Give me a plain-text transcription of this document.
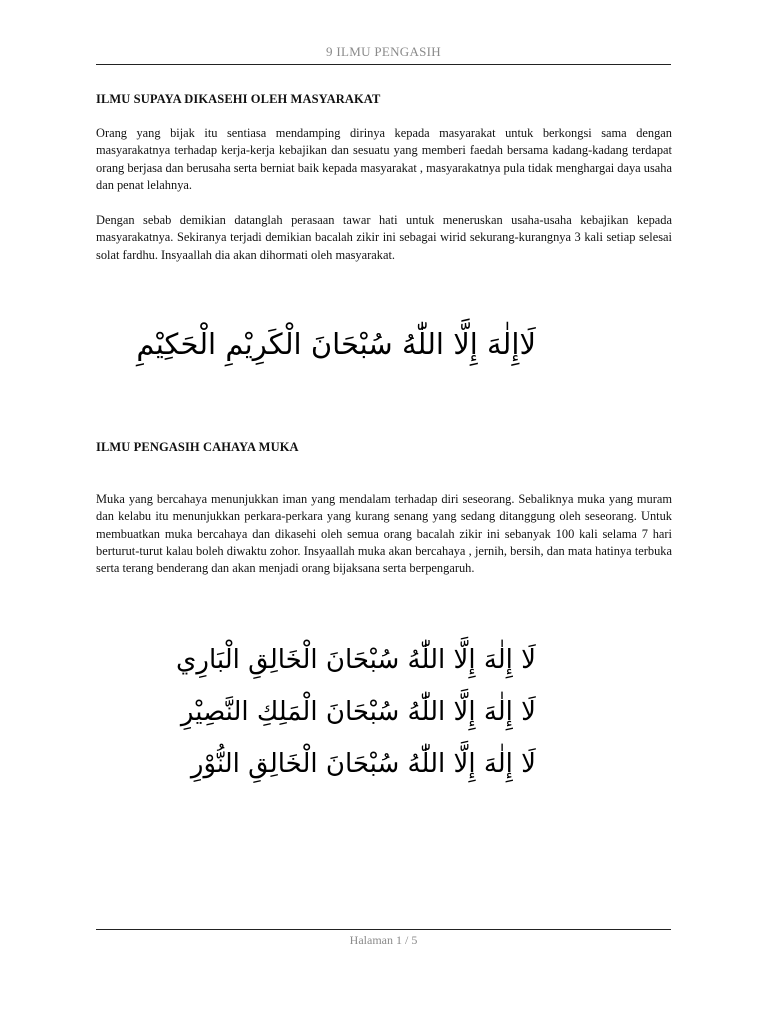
9 ILMU PENGASIH
ILMU SUPAYA DIKASEHI OLEH MASYARAKAT

Orang yang bijak itu sentiasa mendamping dirinya kepada masyarakat untuk berkongsi sama dengan masyarakatnya terhadap kerja-kerja kebajikan dan sesuatu yang memberi faedah bersama kadang-kadang terdapat orang berjasa dan berusaha serta berniat baik kepada masyarakat , masyarakatnya pula tidak menghargai daya usaha dan penat lelahnya.

Dengan sebab demikian datanglah perasaan tawar hati untuk meneruskan usaha-usaha kebajikan kepada masyarakatnya. Sekiranya terjadi demikian bacalah zikir ini sebagai wirid sekurang-kurangnya 3 kali setiap selesai solat fardhu. Insyaallah dia akan dihormati oleh masyarakat.

لَاإِلٰهَ إِلَّا اللّٰهُ سُبْحَانَ الْكَرِيْمِ الْحَكِيْمِ
ILMU PENGASIH CAHAYA MUKA

Muka yang bercahaya menunjukkan iman yang mendalam terhadap diri seseorang. Sebaliknya muka yang muram dan kelabu itu menunjukkan perkara-perkara yang kurang senang yang sedang ditanggung oleh seseorang. Untuk membuatkan muka bercahaya dan dikasehi oleh semua orang bacalah zikir ini sebanyak 100 kali selama 7 hari berturut-turut kalau boleh diwaktu zohor. Insyaallah muka akan bercahaya , jernih, bersih, dan mata hatinya terbuka serta terang benderang dan akan menjadi orang bijaksana serta berpengaruh.

لَا إِلٰهَ إِلَّا اللّٰهُ سُبْحَانَ الْخَالِقِ الْبَارِي
لَا إِلٰهَ إِلَّا اللّٰهُ سُبْحَانَ الْمَلِكِ النَّصِيْرِ
لَا إِلٰهَ إِلَّا اللّٰهُ سُبْحَانَ الْخَالِقِ النُّوْرِ
Halaman 1 / 5
